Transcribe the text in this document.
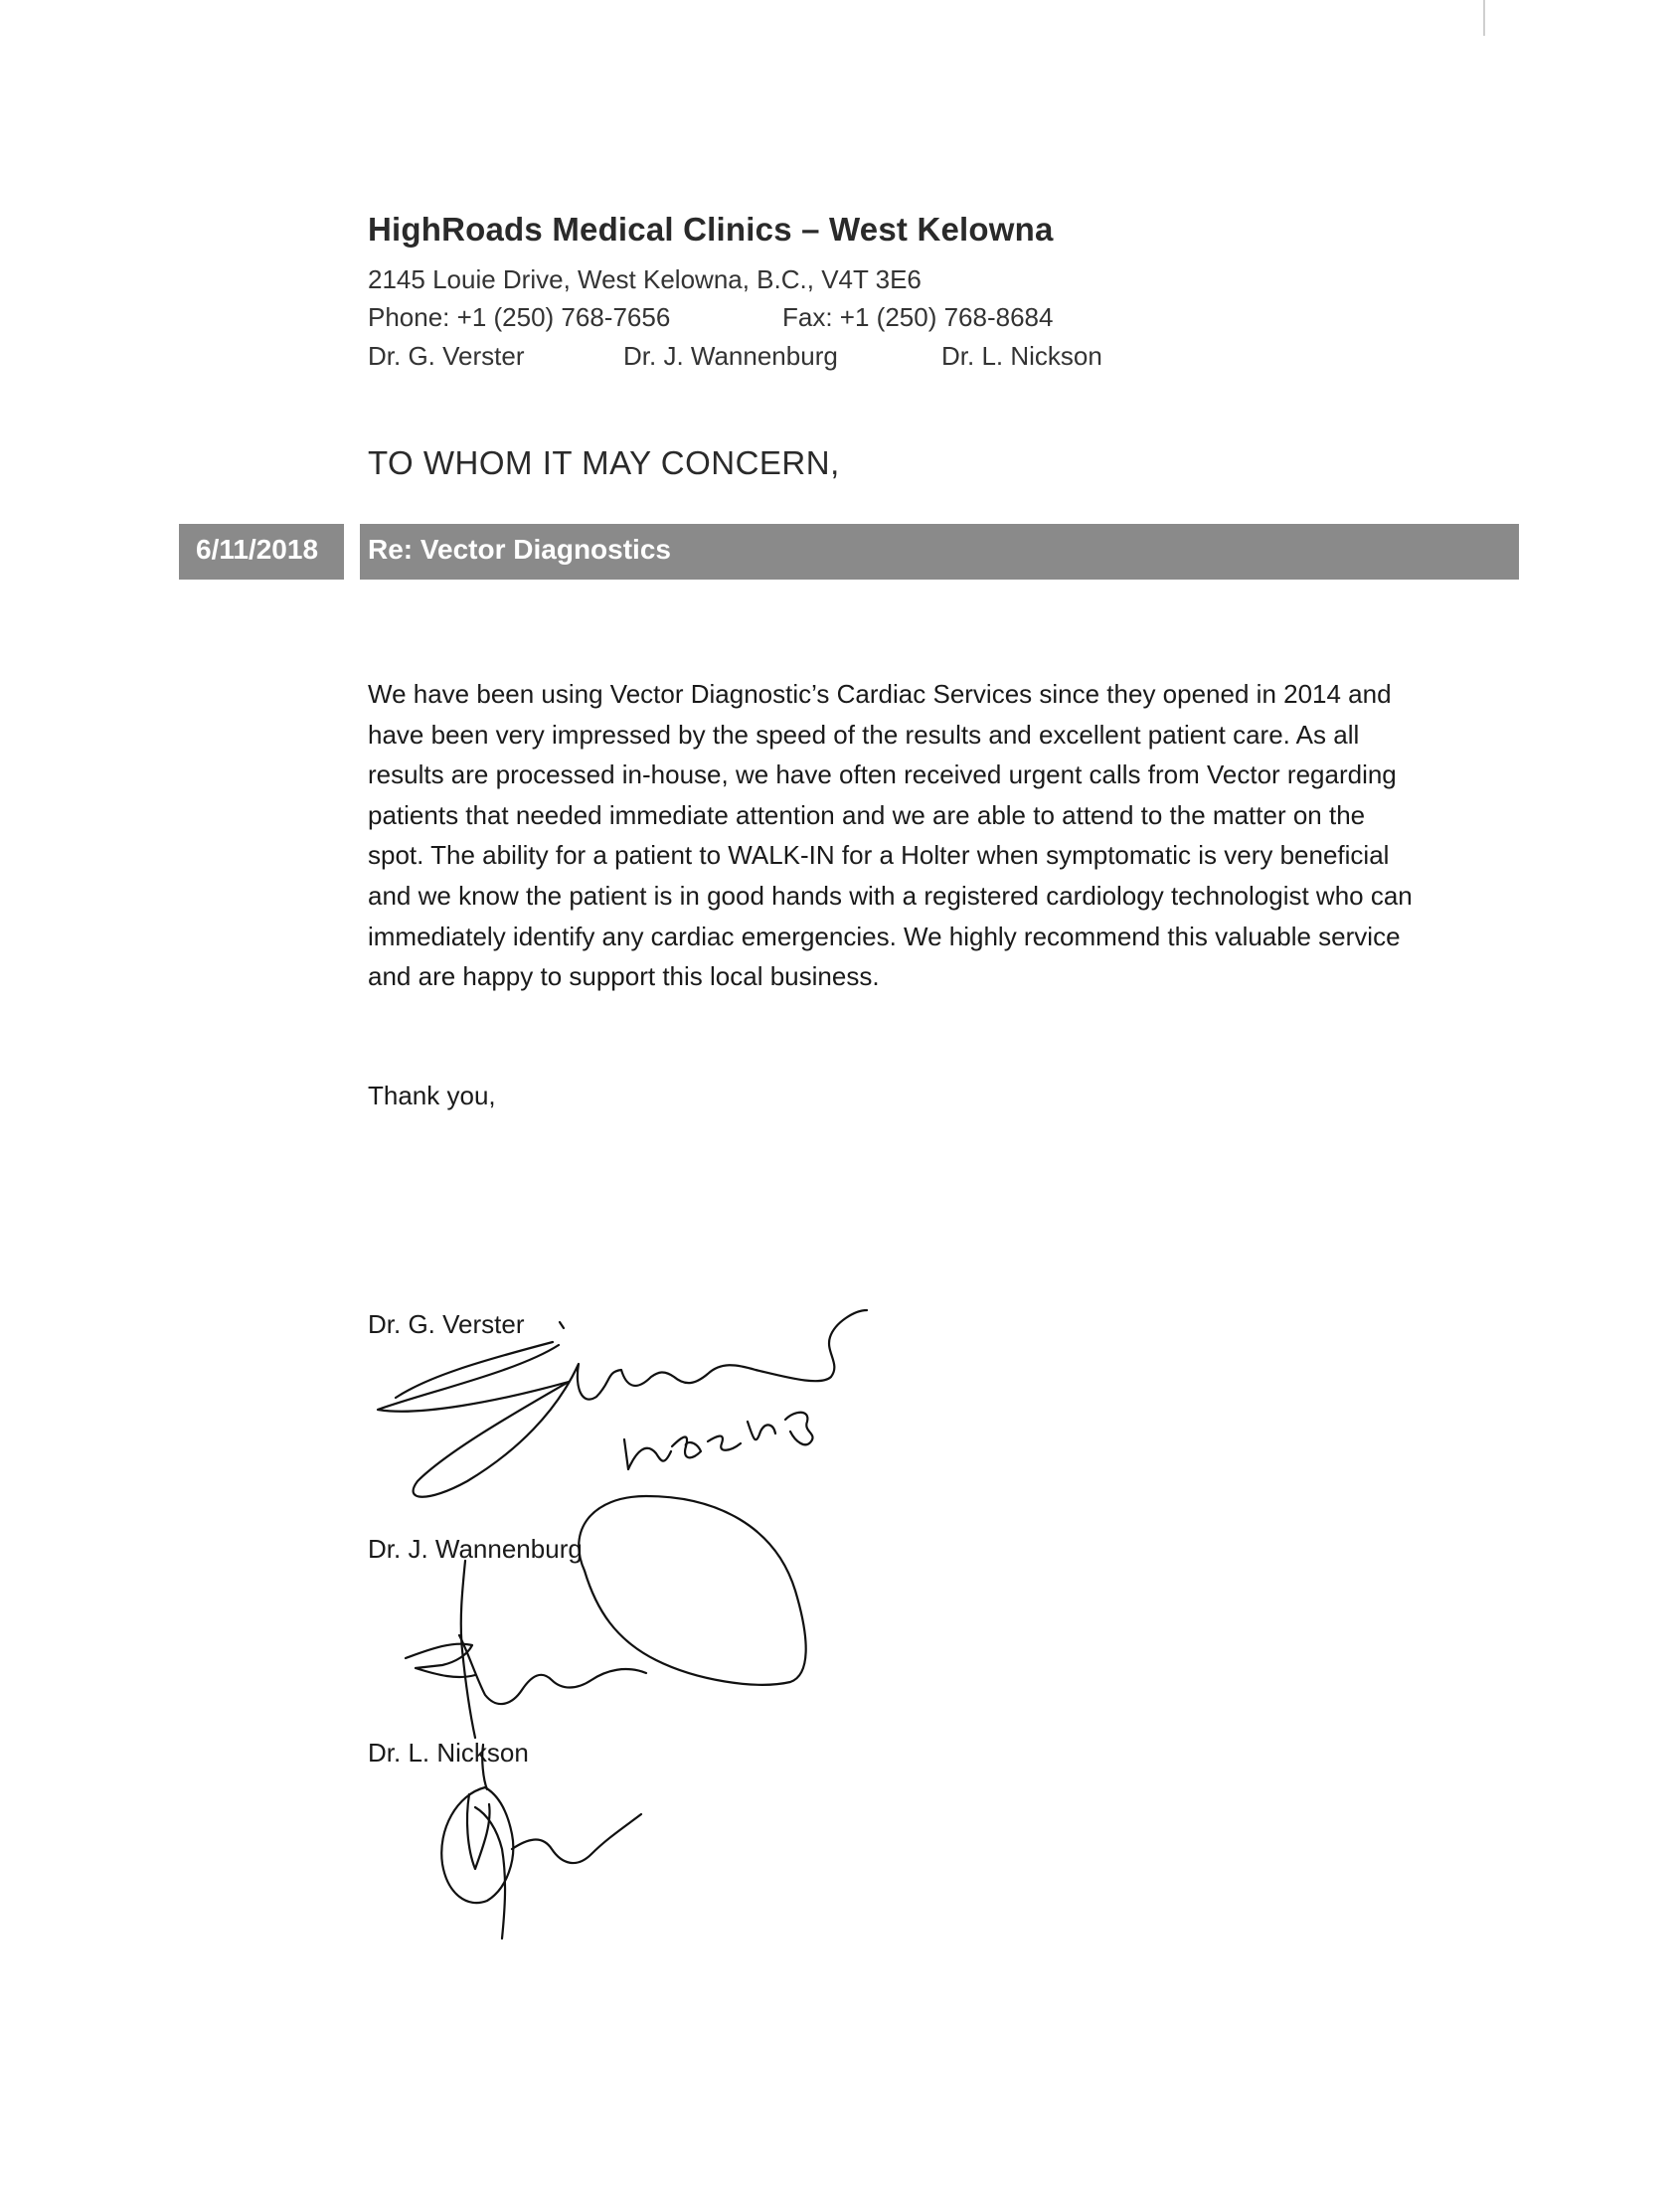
HighRoads Medical Clinics – West Kelowna
2145 Louie Drive, West Kelowna, B.C., V4T 3E6
Phone: +1 (250) 768-7656	Fax: +1 (250) 768-8684
Dr. G. Verster	Dr. J. Wannenburg	Dr. L. Nickson
TO WHOM IT MAY CONCERN,
6/11/2018 Re: Vector Diagnostics
We have been using Vector Diagnostic’s Cardiac Services since they opened in 2014 and
have been very impressed by the speed of the results and excellent patient care. As all
results are processed in-house, we have often received urgent calls from Vector regarding
patients that needed immediate attention and we are able to attend to the matter on the
spot. The ability for a patient to WALK-IN for a Holter when symptomatic is very beneficial
and we know the patient is in good hands with a registered cardiology technologist who can
immediately identify any cardiac emergencies. We highly recommend this valuable service
and are happy to support this local business.
Thank you,
Dr. G. Verster
Dr. J. Wannenburg
Dr. L. Nickson
